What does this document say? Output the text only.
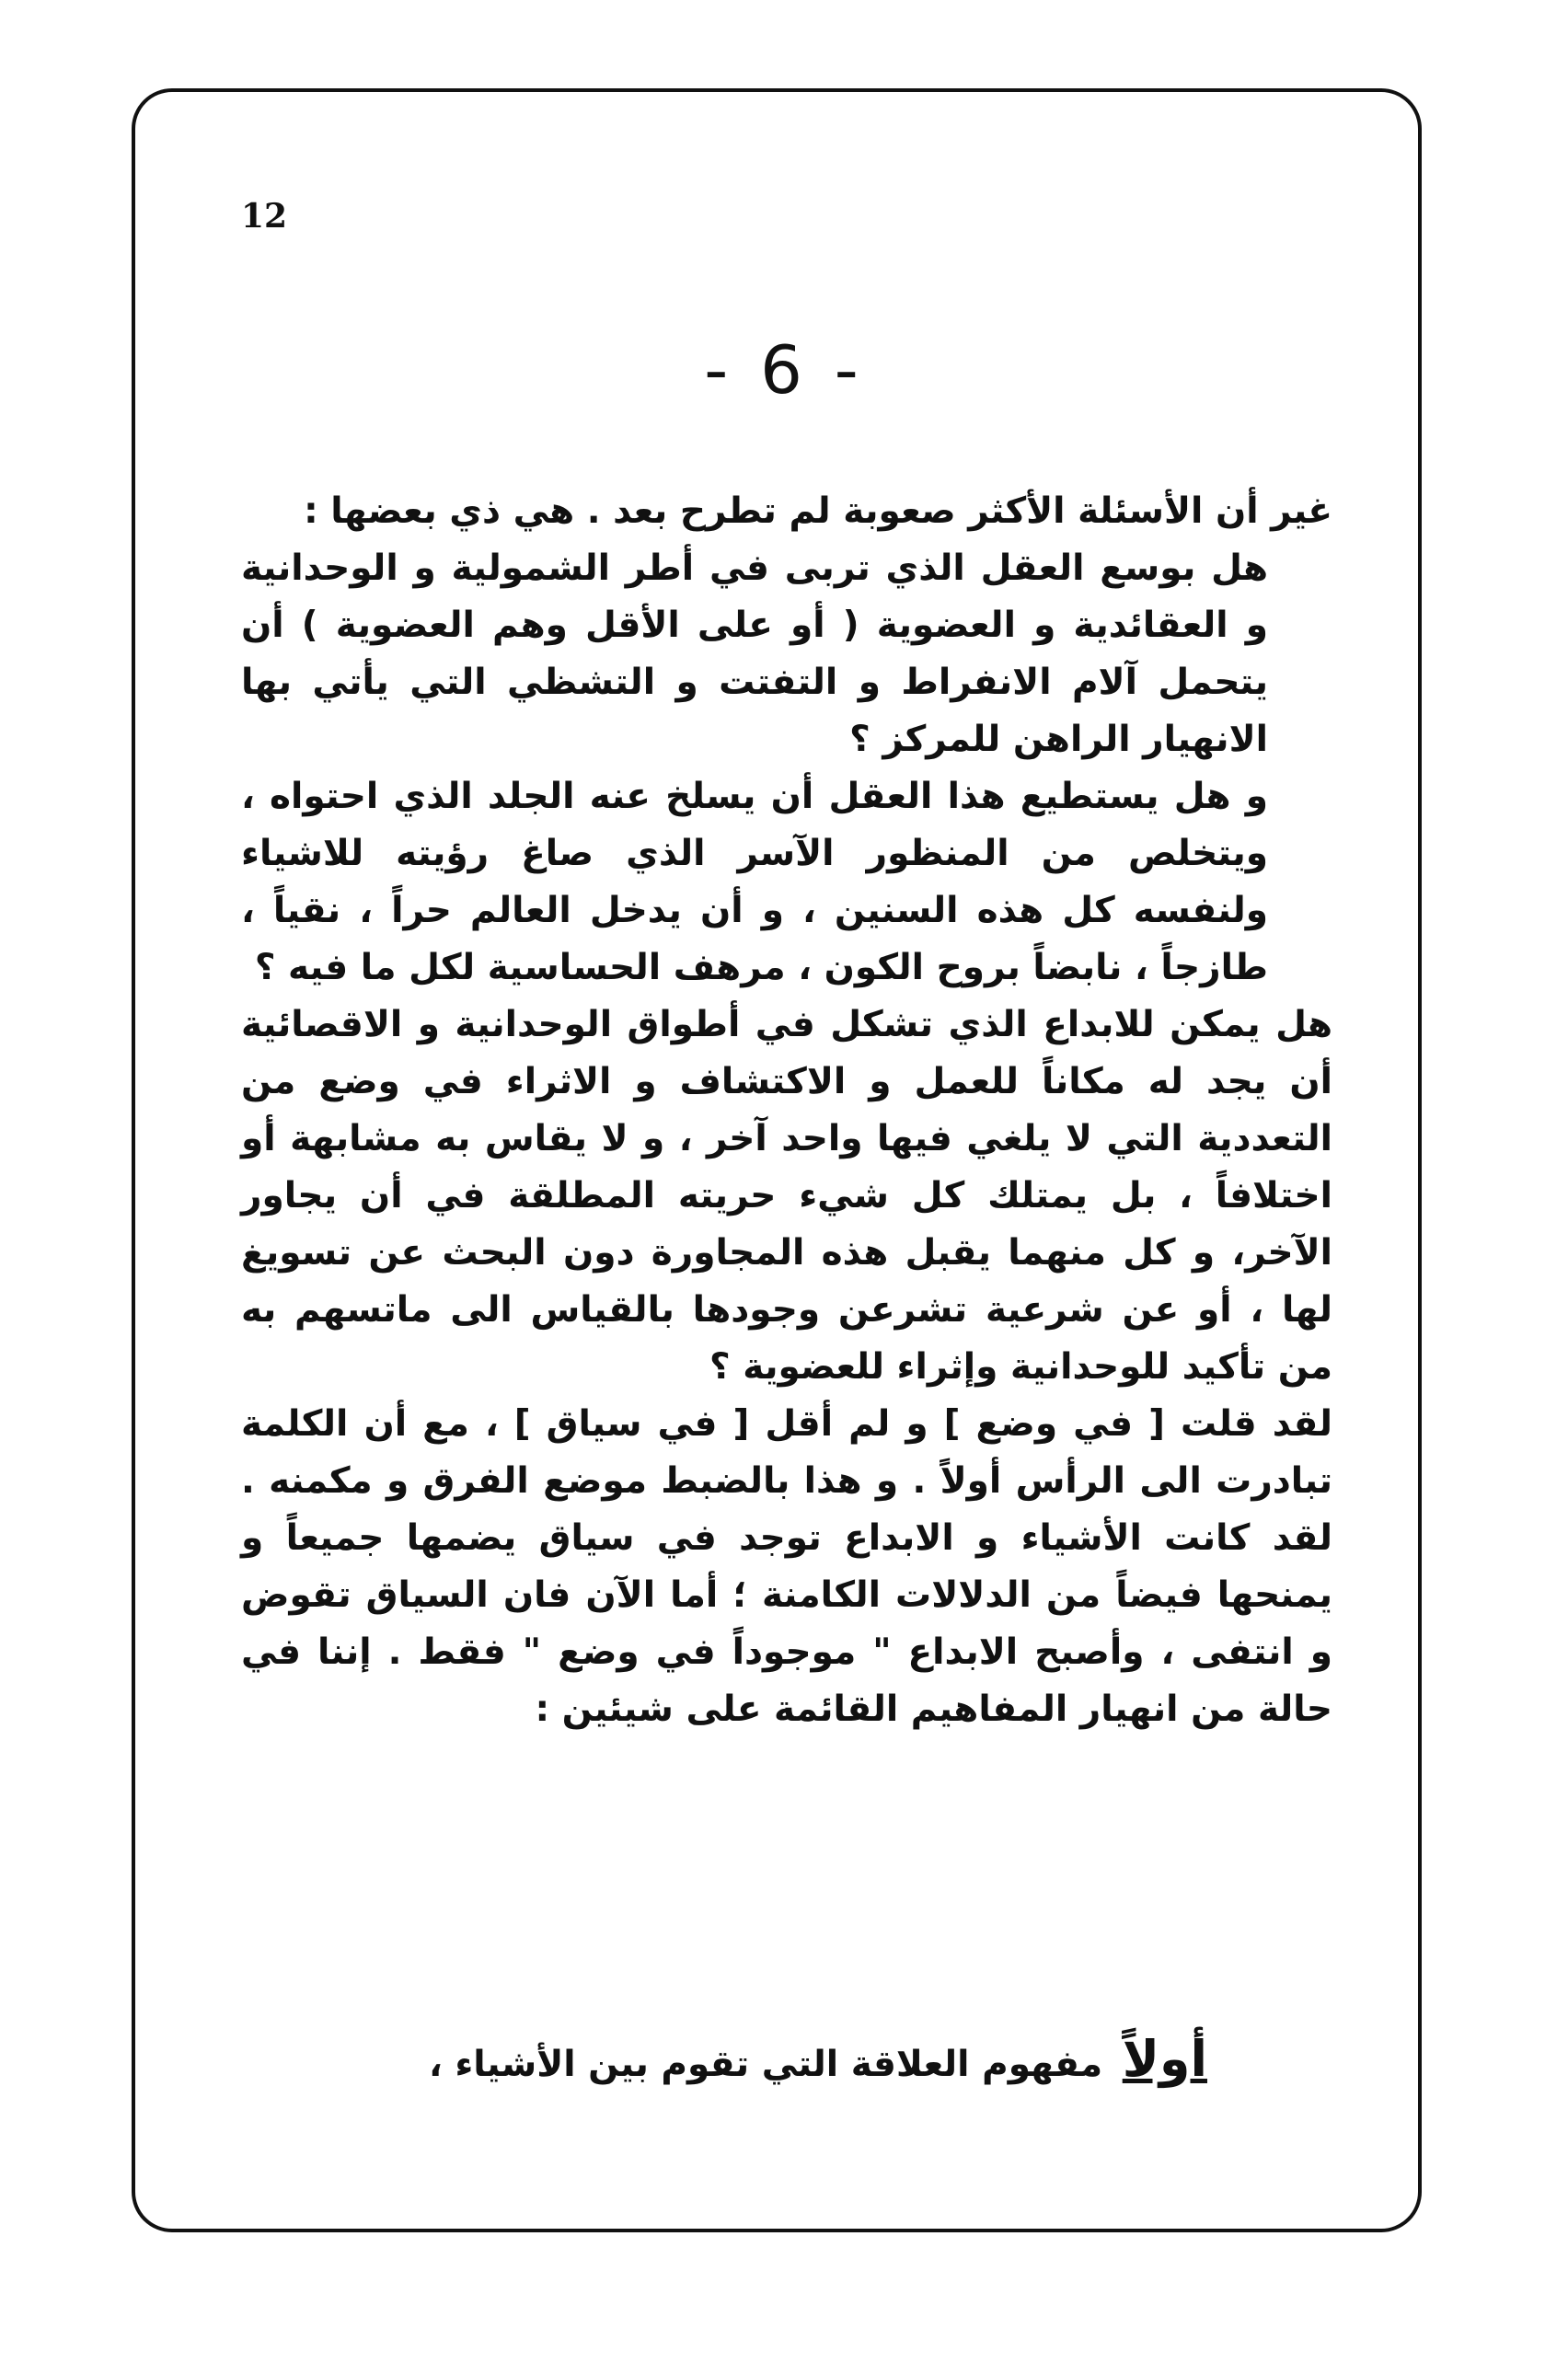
12
- 6 -

غير أن الأسئلة الأكثر صعوبة لم تطرح بعد . هي ذي بعضها :

هل بوسع العقل الذي تربى في أطر الشمولية و الوحدانية و العقائدية و العضوية ( أو على الأقل وهم العضوية ) أن يتحمل آلام الانفراط و التفتت و التشظي التي يأتي بها الانهيار الراهن للمركز ؟

و هل يستطيع هذا العقل أن يسلخ عنه الجلد الذي احتواه ، ويتخلص من المنظور الآسر الذي صاغ رؤيته للاشياء ولنفسه كل هذه السنين ، و أن يدخل العالم حراً ، نقياً ، طازجاً ، نابضاً بروح الكون ، مرهف الحساسية لكل ما فيه ؟

هل يمكن للابداع الذي تشكل في أطواق الوحدانية و الاقصائية أن يجد له مكاناً للعمل و الاكتشاف و الاثراء في وضع من التعددية التي لا يلغي فيها واحد آخر ، و لا يقاس به مشابهة أو اختلافاً ، بل يمتلك كل شيء حريته المطلقة في أن يجاور الآخر، و كل منهما يقبل هذه المجاورة دون البحث عن تسويغ لها ، أو عن شرعية تشرعن وجودها بالقياس الى ماتسهم به من تأكيد للوحدانية وإثراء للعضوية ؟

لقد قلت [ في وضع ] و لم أقل [ في سياق ] ، مع أن الكلمة تبادرت الى الرأس أولاً . و هذا بالضبط موضع الفرق و مكمنه . لقد كانت الأشياء و الابداع توجد في سياق يضمها جميعاً و يمنحها فيضاً من الدلالات الكامنة ؛ أما الآن فان السياق تقوض و انتفى ، وأصبح الابداع " موجوداً في وضع " فقط . إننا في حالة من انهيار المفاهيم القائمة على شيئين :

أولاً مفهوم العلاقة التي تقوم بين الأشياء ،
